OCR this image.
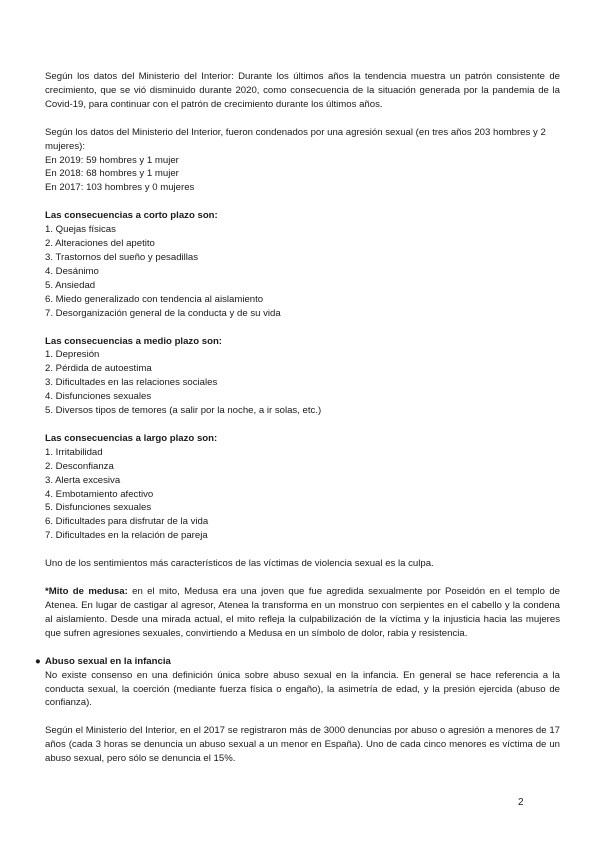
Según los datos del Ministerio del Interior: Durante los últimos años la tendencia muestra un patrón consistente de crecimiento, que se vió disminuido durante 2020, como consecuencia de la situación generada por la pandemia de la Covid-19, para continuar con el patrón de crecimiento durante los últimos años.

Según los datos del Ministerio del Interior, fueron condenados por una agresión sexual (en tres años 203 hombres y 2 mujeres):

En 2019: 59 hombres y 1 mujer
En 2018: 68 hombres y 1 mujer
En 2017: 103 hombres y 0 mujeres

Las consecuencias a corto plazo son:

1. Quejas físicas
2. Alteraciones del apetito
3. Trastornos del sueño y pesadillas
4. Desánimo
5. Ansiedad
6. Miedo generalizado con tendencia al aislamiento
7. Desorganización general de la conducta y de su vida

Las consecuencias a medio plazo son:

1. Depresión
2. Pérdida de autoestima
3. Dificultades en las relaciones sociales
4. Disfunciones sexuales
5. Diversos tipos de temores (a salir por la noche, a ir solas, etc.)

Las consecuencias a largo plazo son:

1. Irritabilidad
2. Desconfianza
3. Alerta excesiva
4. Embotamiento afectivo
5. Disfunciones sexuales
6. Dificultades para disfrutar de la vida
7. Dificultades en la relación de pareja

Uno de los sentimientos más característicos de las víctimas de violencia sexual es la culpa.

*Mito de medusa: en el mito, Medusa era una joven que fue agredida sexualmente por Poseidón en el templo de Atenea. En lugar de castigar al agresor, Atenea la transforma en un monstruo con serpientes en el cabello y la condena al aislamiento. Desde una mirada actual, el mito refleja la culpabilización de la víctima y la injusticia hacia las mujeres que sufren agresiones sexuales, convirtiendo a Medusa en un símbolo de dolor, rabia y resistencia.

● Abuso sexual en la infancia

No existe consenso en una definición única sobre abuso sexual en la infancia. En general se hace referencia a la conducta sexual, la coerción (mediante fuerza física o engaño), la asimetría de edad, y la presión ejercida (abuso de confianza).

Según el Ministerio del Interior, en el 2017 se registraron más de 3000 denuncias por abuso o agresión a menores de 17 años (cada 3 horas se denuncia un abuso sexual a un menor en España). Uno de cada cinco menores es víctima de un abuso sexual, pero sólo se denuncia el 15%.

2
